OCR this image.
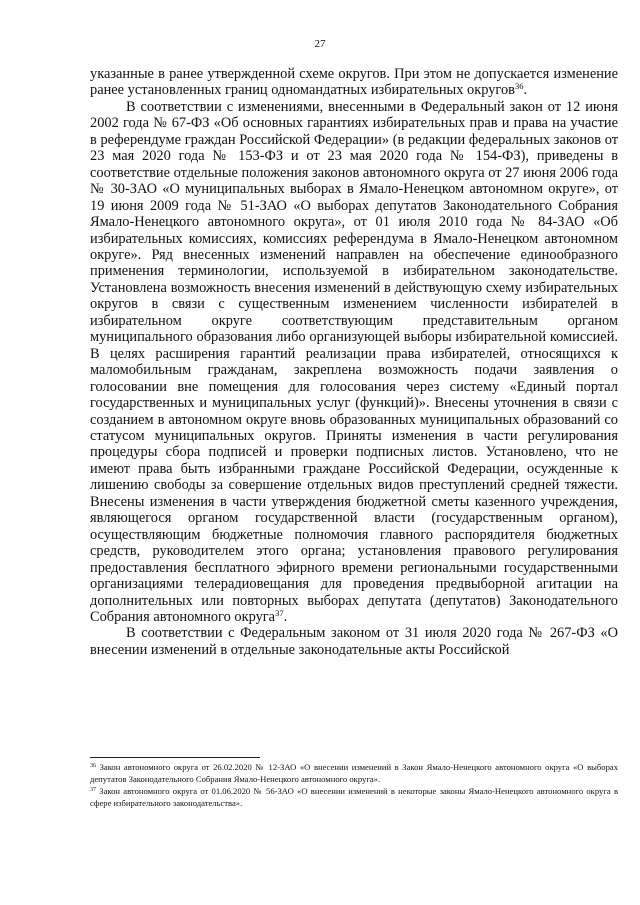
27

указанные в ранее утвержденной схеме округов. При этом не допускается изменение ранее установленных границ одномандатных избирательных округов$^{36}$.

В соответствии с изменениями, внесенными в Федеральный закон от 12 июня 2002 года № 67-ФЗ «Об основных гарантиях избирательных прав и права на участие в референдуме граждан Российской Федерации» (в редакции федеральных законов от 23 мая 2020 года № 153-ФЗ и от 23 мая 2020 года № 154-ФЗ), приведены в соответствие отдельные положения законов автономного округа от 27 июня 2006 года № 30-ЗАО «О муниципальных выборах в Ямало-Ненецком автономном округе», от 19 июня 2009 года № 51-ЗАО «О выборах депутатов Законодательного Собрания Ямало-Ненецкого автономного округа», от 01 июля 2010 года № 84-ЗАО «Об избирательных комиссиях, комиссиях референдума в Ямало-Ненецком автономном округе». Ряд внесенных изменений направлен на обеспечение единообразного применения терминологии, используемой в избирательном законодательстве. Установлена возможность внесения изменений в действующую схему избирательных округов в связи с существенным изменением численности избирателей в избирательном округе соответствующим представительным органом муниципального образования либо организующей выборы избирательной комиссией. В целях расширения гарантий реализации права избирателей, относящихся к маломобильным гражданам, закреплена возможность подачи заявления о голосовании вне помещения для голосования через систему «Единый портал государственных и муниципальных услуг (функций)». Внесены уточнения в связи с созданием в автономном округе вновь образованных муниципальных образований со статусом муниципальных округов. Приняты изменения в части регулирования процедуры сбора подписей и проверки подписных листов. Установлено, что не имеют права быть избранными граждане Российской Федерации, осужденные к лишению свободы за совершение отдельных видов преступлений средней тяжести. Внесены изменения в части утверждения бюджетной сметы казенного учреждения, являющегося органом государственной власти (государственным органом), осуществляющим бюджетные полномочия главного распорядителя бюджетных средств, руководителем этого органа; установления правового регулирования предоставления бесплатного эфирного времени региональными государственными организациями телерадиовещания для проведения предвыборной агитации на дополнительных или повторных выборах депутата (депутатов) Законодательного Собрания автономного округа$^{37}$.

В соответствии с Федеральным законом от 31 июля 2020 года № 267-ФЗ «О внесении изменений в отдельные законодательные акты Российской

$^{36}$ Закон автономного округа от 26.02.2020 № 12-ЗАО «О внесении изменений в Закон Ямало-Ненецкого автономного округа «О выборах депутатов Законодательного Собрания Ямало-Ненецкого автономного округа».

$^{37}$ Закон автономного округа от 01.06.2020 № 56-ЗАО «О внесении изменений в некоторые законы Ямало-Ненецкого автономного округа в сфере избирательного законодательства».
